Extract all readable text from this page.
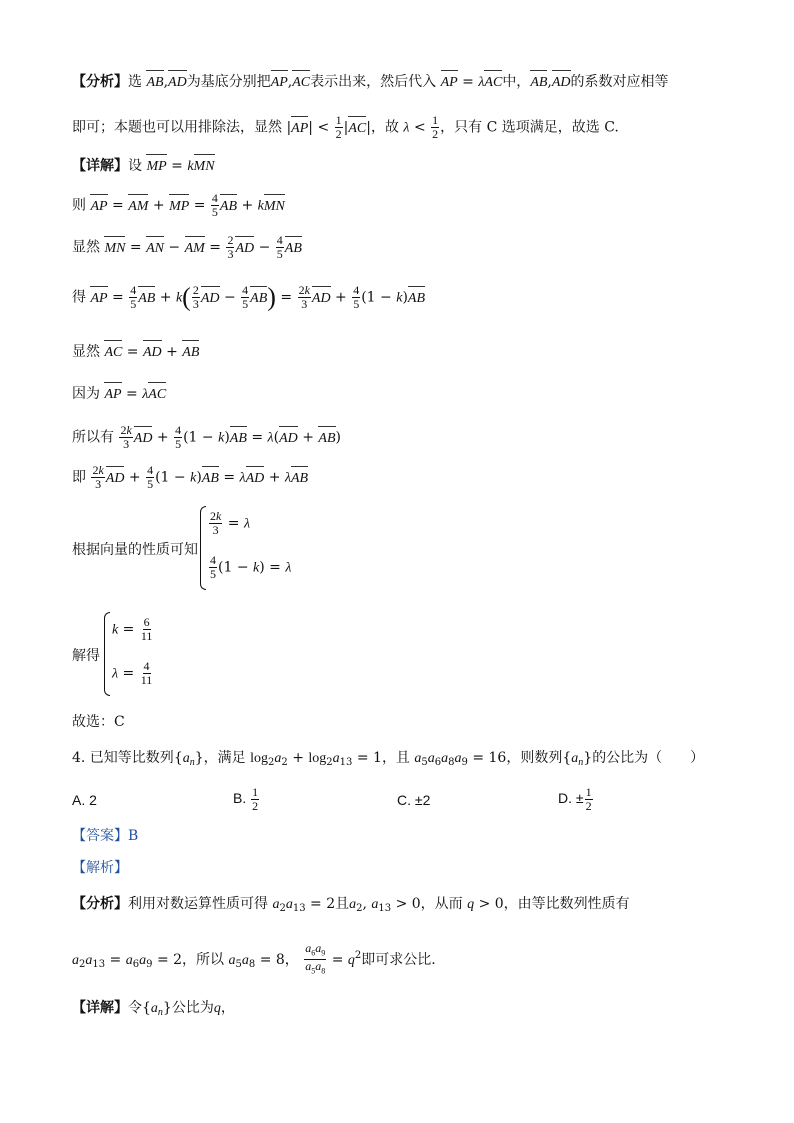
【分析】选 AB,AD为基底分别把AP,AC表示出来，然后代入 AP = λAC中，AB,AD的系数对应相等
即可；本题也可以用排除法，显然 $|AP| < \frac{1}{2} |AC|$，故 $\lambda < \frac{1}{2}$ ，只有 C 选项满足，故选 C.
【详解】设 MP = kMN
则 AP = AM + MP = $\frac{4}{5}$ AB + kMN
显然 MN = AN − AM = $\frac{2}{3}$ AD − $\frac{4}{5}$ AB
得 AP = $\frac{4}{5}$ AB + $k( \frac{2}{3}$ AD − $\frac{4}{5} AB) = \frac{2k}{3}$ AD + $\frac{4}{5} (1 - k)AB$
显然 AC = AD + AB
因为 AP = λAC
所以有 $\frac{2k}{3}$ AD + $\frac{4}{5} (1 - k)AB = \lambda(AD + AB)$
即 $\frac{2k}{3}$ AD + $\frac{4}{5} (1 - k)AB = \lambda AD + \lambda AB$
根据向量的性质可知
$\frac{2k}{3} = \lambda$
$\frac{4}{5} (1 - k) = \lambda$
解得
$k = \frac{6}{11}$
$\lambda = \frac{4}{11}$
故选：C
4. 已知等比数列$\{a_n\}$，满足 $\log_2a_2 + \log_2a_{13} = 1$，且 $a_5a_6a_8a_9 = 16$，则数列$\{a_n\}$的公比为（　　）
A. 2	B. $\frac{1}{2}$	C. ±2	D. ± $\frac{1}{2}$
【答案】B
【解析】
【分析】利用对数运算性质可得 $a_2a_{13} = 2$且$a_2$, $a_{13} > 0$，从而 q > 0，由等比数列性质有
$a_2a_{13} = a_6a_9 = 2$，所以 $a_5a_8 = 8$， $\frac{a_6a_9}{a_5a_8} = q^2$即可求公比.
【详解】令$\{a_n\}$公比为q，
